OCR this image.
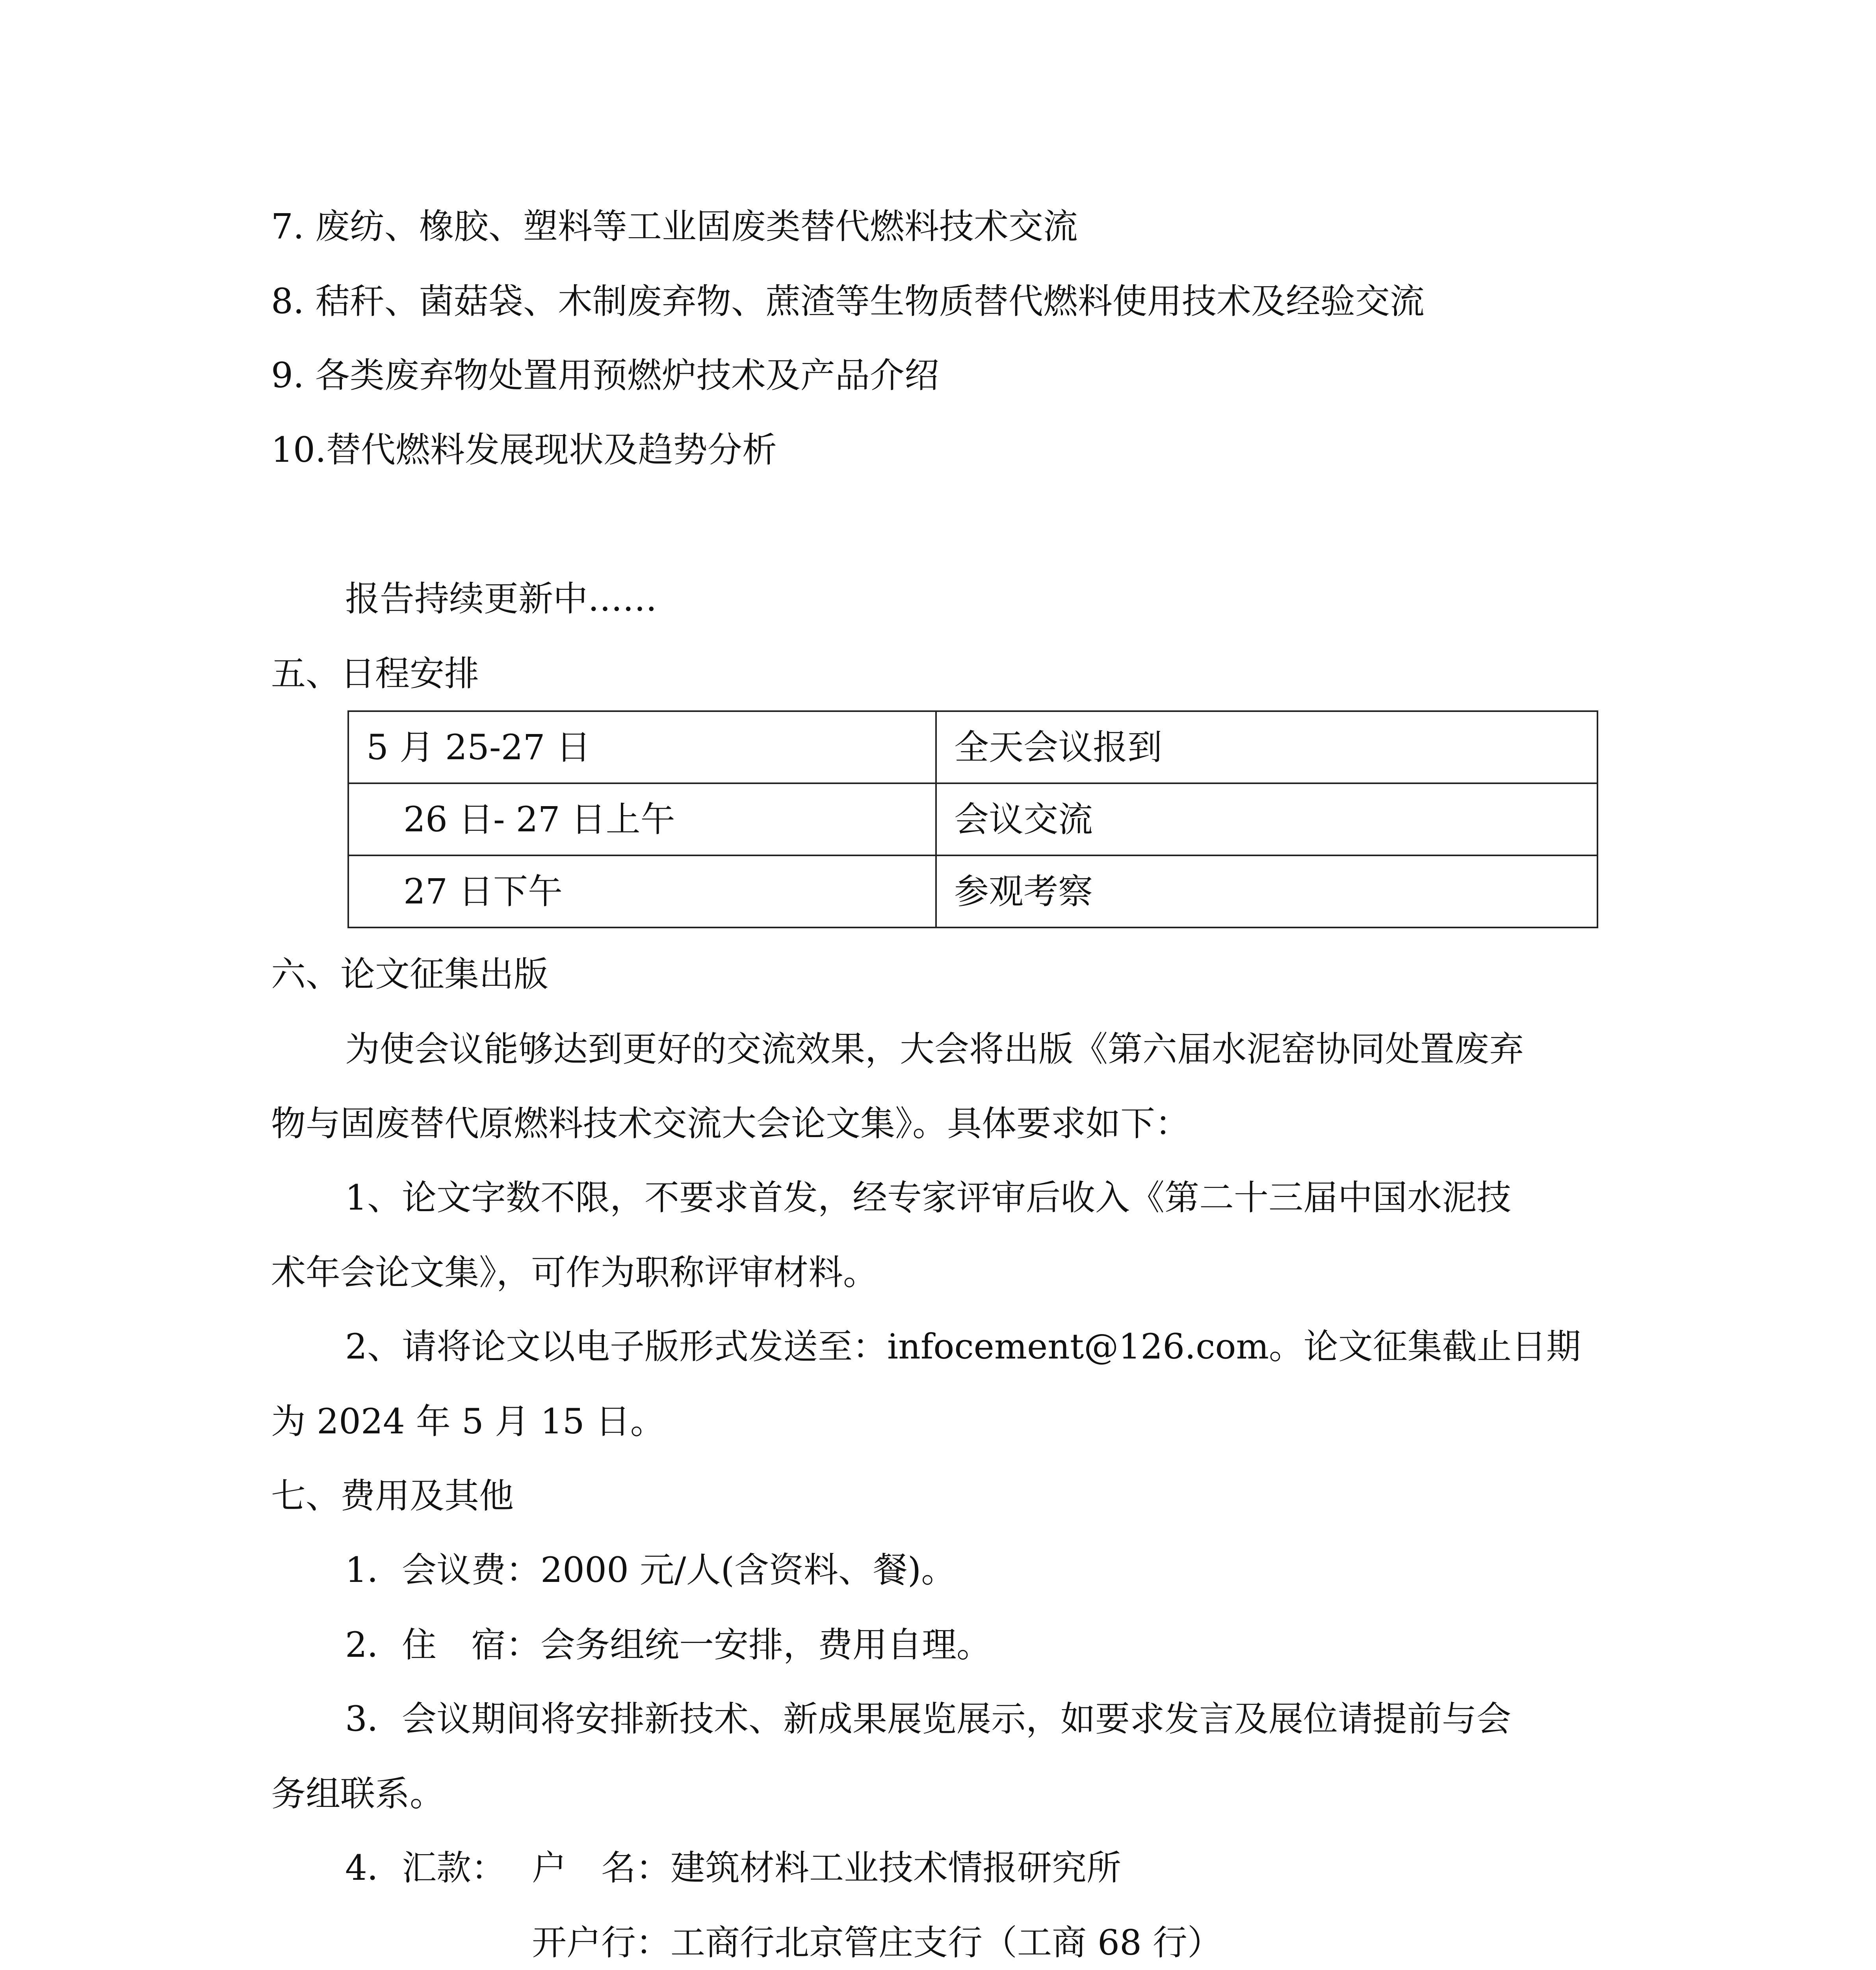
7. 废纺、橡胶、塑料等工业固废类替代燃料技术交流
8. 秸秆、菌菇袋、木制废弃物、蔗渣等生物质替代燃料使用技术及经验交流
9. 各类废弃物处置用预燃炉技术及产品介绍
10.替代燃料发展现状及趋势分析
报告持续更新中……
五、日程安排
5 月 25-27 日	全天会议报到
26 日- 27 日上午	会议交流
27 日下午	参观考察
六、论文征集出版
为使会议能够达到更好的交流效果，大会将出版《第六届水泥窑协同处置废弃
物与固废替代原燃料技术交流大会论文集》。具体要求如下：
1、论文字数不限，不要求首发，经专家评审后收入《第二十三届中国水泥技
术年会论文集》，可作为职称评审材料。
2、请将论文以电子版形式发送至：infocement@126.com。论文征集截止日期
为 2024 年 5 月 15 日。
七、费用及其他
1．会议费：2000 元/人(含资料、餐)。
2．住　宿：会务组统一安排，费用自理。
3．会议期间将安排新技术、新成果展览展示，如要求发言及展位请提前与会
务组联系。
4．汇款： 户　名：建筑材料工业技术情报研究所
开户行：工商行北京管庄支行（工商 68 行）
